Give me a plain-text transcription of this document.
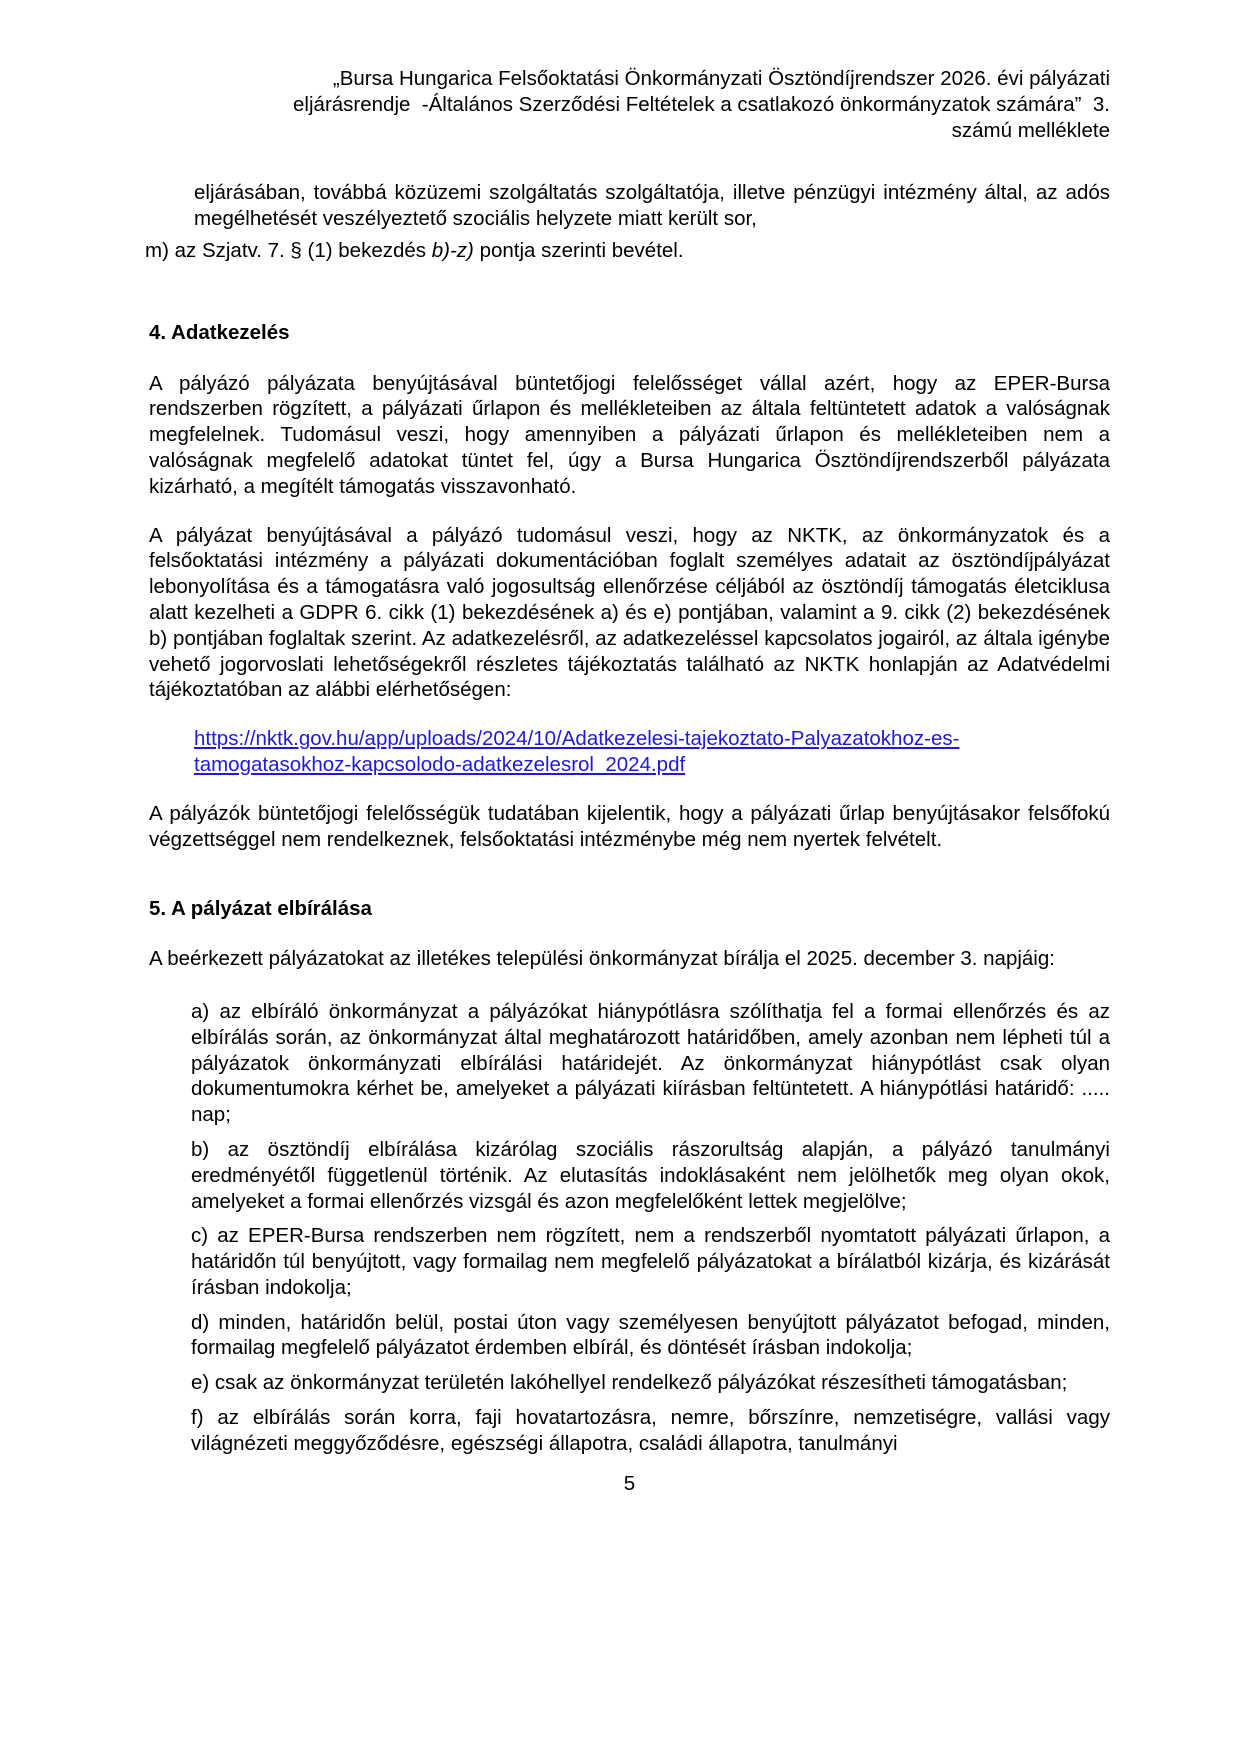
„Bursa Hungarica Felsőoktatási Önkormányzati Ösztöndíjrendszer 2026. évi pályázati
eljárásrendje  -Általános Szerződési Feltételek a csatlakozó önkormányzatok számára”  3.
számú melléklete

eljárásában, továbbá közüzemi szolgáltatás szolgáltatója, illetve pénzügyi intézmény által, az adós megélhetését veszélyeztető szociális helyzete miatt került sor,

m) az Szjatv. 7. § (1) bekezdés b)-z) pontja szerinti bevétel.

4. Adatkezelés

A pályázó pályázata benyújtásával büntetőjogi felelősséget vállal azért, hogy az EPER-Bursa rendszerben rögzített, a pályázati űrlapon és mellékleteiben az általa feltüntetett adatok a valóságnak megfelelnek. Tudomásul veszi, hogy amennyiben a pályázati űrlapon és mellékleteiben nem a valóságnak megfelelő adatokat tüntet fel, úgy a Bursa Hungarica Ösztöndíjrendszerből pályázata kizárható, a megítélt támogatás visszavonható.

A pályázat benyújtásával a pályázó tudomásul veszi, hogy az NKTK, az önkormányzatok és a felsőoktatási intézmény a pályázati dokumentációban foglalt személyes adatait az ösztöndíjpályázat lebonyolítása és a támogatásra való jogosultság ellenőrzése céljából az ösztöndíj támogatás életciklusa alatt kezelheti a GDPR 6. cikk (1) bekezdésének a) és e) pontjában, valamint a 9. cikk (2) bekezdésének b) pontjában foglaltak szerint. Az adatkezelésről, az adatkezeléssel kapcsolatos jogairól, az általa igénybe vehető jogorvoslati lehetőségekről részletes tájékoztatás található az NKTK honlapján az Adatvédelmi tájékoztatóban az alábbi elérhetőségen:

https://nktk.gov.hu/app/uploads/2024/10/Adatkezelesi-tajekoztato-Palyazatokhoz-es-tamogatasokhoz-kapcsolodo-adatkezelesrol_2024.pdf

A pályázók büntetőjogi felelősségük tudatában kijelentik, hogy a pályázati űrlap benyújtásakor felsőfokú végzettséggel nem rendelkeznek, felsőoktatási intézménybe még nem nyertek felvételt.

5. A pályázat elbírálása

A beérkezett pályázatokat az illetékes települési önkormányzat bírálja el 2025. december 3. napjáig:

a) az elbíráló önkormányzat a pályázókat hiánypótlásra szólíthatja fel a formai ellenőrzés és az elbírálás során, az önkormányzat által meghatározott határidőben, amely azonban nem lépheti túl a pályázatok önkormányzati elbírálási határidejét. Az önkormányzat hiánypótlást csak olyan dokumentumokra kérhet be, amelyeket a pályázati kiírásban feltüntetett. A hiánypótlási határidő: ..... nap;

b) az ösztöndíj elbírálása kizárólag szociális rászorultság alapján, a pályázó tanulmányi eredményétől függetlenül történik. Az elutasítás indoklásaként nem jelölhetők meg olyan okok, amelyeket a formai ellenőrzés vizsgál és azon megfelelőként lettek megjelölve;

c) az EPER-Bursa rendszerben nem rögzített, nem a rendszerből nyomtatott pályázati űrlapon, a határidőn túl benyújtott, vagy formailag nem megfelelő pályázatokat a bírálatból kizárja, és kizárását írásban indokolja;

d) minden, határidőn belül, postai úton vagy személyesen benyújtott pályázatot befogad, minden, formailag megfelelő pályázatot érdemben elbírál, és döntését írásban indokolja;

e) csak az önkormányzat területén lakóhellyel rendelkező pályázókat részesítheti támogatásban;

f) az elbírálás során korra, faji hovatartozásra, nemre, bőrszínre, nemzetiségre, vallási vagy világnézeti meggyőződésre, egészségi állapotra, családi állapotra, tanulmányi

5
